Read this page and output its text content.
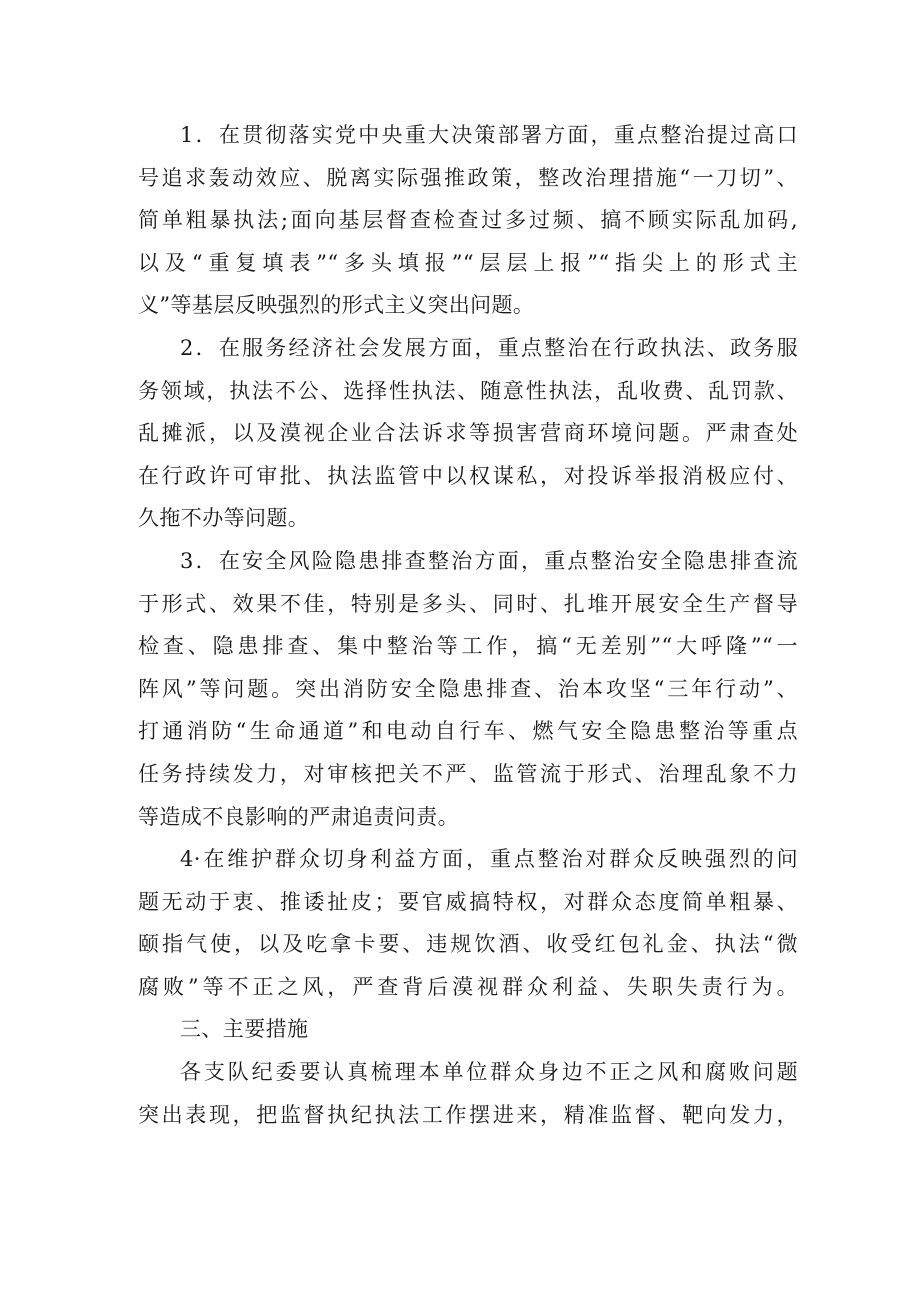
1．在贯彻落实党中央重大决策部署方面，重点整治提过高口
号追求轰动效应、脱离实际强推政策，整改治理措施“一刀切”、
简单粗暴执法;面向基层督查检查过多过频、搞不顾实际乱加码,
以及“重复填表”“多头填报”“层层上报”“指尖上的形式主
义”等基层反映强烈的形式主义突出问题。
2．在服务经济社会发展方面，重点整治在行政执法、政务服
务领域，执法不公、选择性执法、随意性执法，乱收费、乱罚款、
乱摊派，以及漠视企业合法诉求等损害营商环境问题。严肃查处
在行政许可审批、执法监管中以权谋私，对投诉举报消极应付、
久拖不办等问题。
3．在安全风险隐患排查整治方面，重点整治安全隐患排查流
于形式、效果不佳，特别是多头、同时、扎堆开展安全生产督导
检查、隐患排查、集中整治等工作，搞“无差别”“大呼隆”“一
阵风”等问题。突出消防安全隐患排查、治本攻坚“三年行动”、
打通消防“生命通道”和电动自行车、燃气安全隐患整治等重点
任务持续发力，对审核把关不严、监管流于形式、治理乱象不力
等造成不良影响的严肃追责问责。
4·在维护群众切身利益方面，重点整治对群众反映强烈的问
题无动于衷、推诿扯皮；要官威搞特权，对群众态度简单粗暴、
颐指气使，以及吃拿卡要、违规饮酒、收受红包礼金、执法“微
腐败”等不正之风，严查背后漠视群众利益、失职失责行为。
三、主要措施
各支队纪委要认真梳理本单位群众身边不正之风和腐败问题
突出表现，把监督执纪执法工作摆进来，精准监督、靶向发力，
